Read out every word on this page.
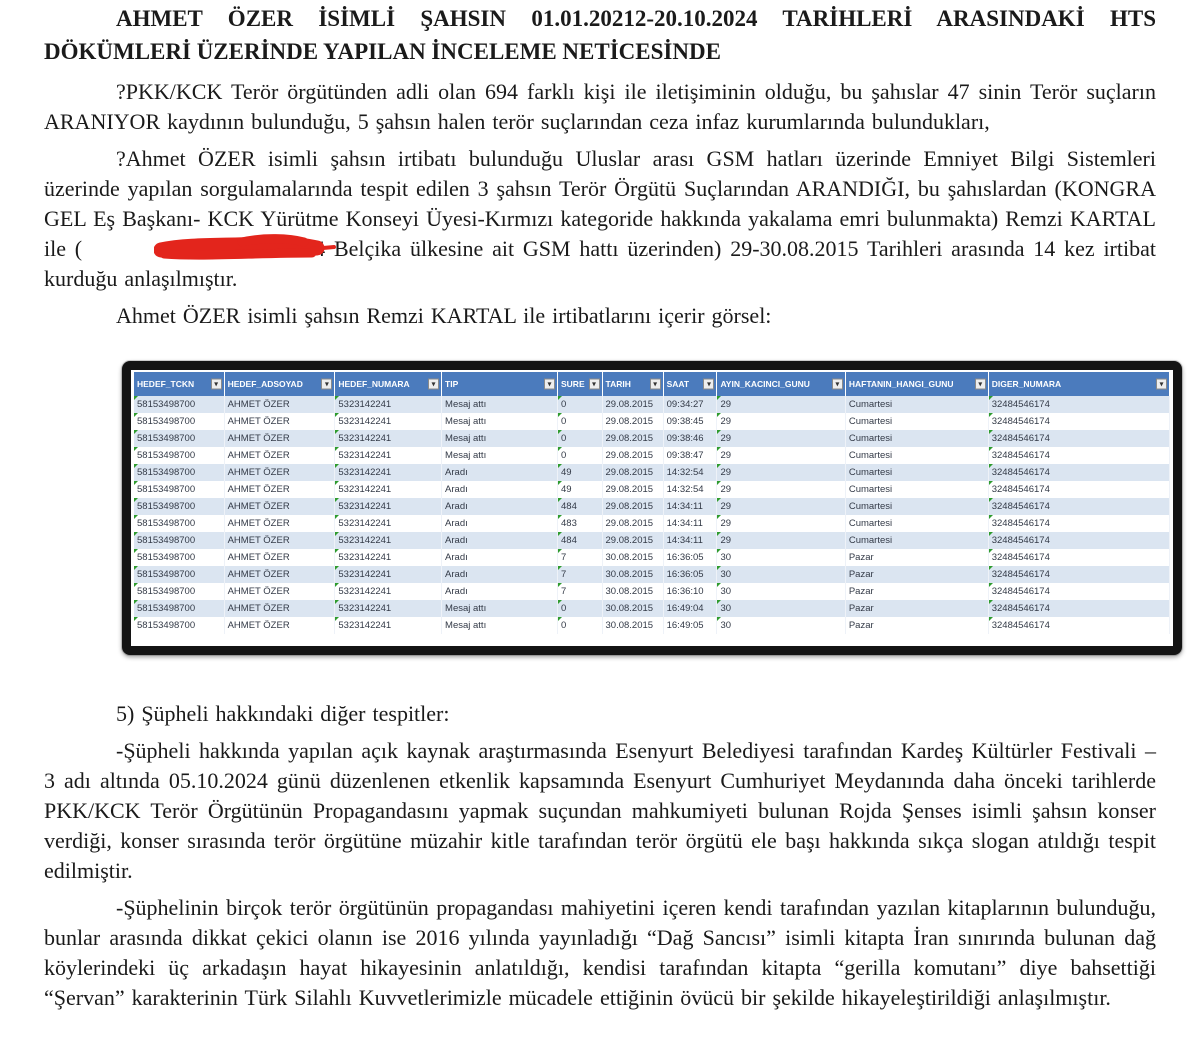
AHMET ÖZER İSİMLİ ŞAHSIN 01.01.20212-20.10.2024 TARİHLERİ ARASINDAKİ HTS
DÖKÜMLERİ ÜZERİNDE YAPILAN İNCELEME NETİCESİNDE

?PKK/KCK Terör örgütünden adli olan 694 farklı kişi ile iletişiminin olduğu, bu şahıslar 47 sinin Terör suçların ARANIYOR kaydının bulunduğu, 5 şahsın halen terör suçlarından ceza infaz kurumlarında bulundukları,

?Ahmet ÖZER isimli şahsın irtibatı bulunduğu Uluslar arası GSM hatları üzerinde Emniyet Bilgi Sistemleri üzerinde yapılan sorgulamalarında tespit edilen 3 şahsın Terör Örgütü Suçlarından ARANDIĞI, bu şahıslardan (KONGRA GEL Eş Başkanı- KCK Yürütme Konseyi Üyesi-Kırmızı kategoride hakkında yakalama emri bulunmakta) Remzi KARTAL ile (	4 Belçika ülkesine ait GSM hattı üzerinden) 29-30.08.2015 Tarihleri arasında 14 kez irtibat kurduğu anlaşılmıştır.

Ahmet ÖZER isimli şahsın Remzi KARTAL ile irtibatlarını içerir görsel:

HEDEF_TCKN ▾	HEDEF_ADSOYAD ▾	HEDEF_NUMARA ▾	TIP ▾	SURE ▾	TARIH ▾	SAAT ▾	AYIN_KACINCI_GUNU ▾	HAFTANIN_HANGI_GUNU ▾	DIGER_NUMARA ▾

58153498700	AHMET ÖZER	5323142241	Mesaj attı	0	29.08.2015	09:34:27	29	Cumartesi	32484546174
58153498700	AHMET ÖZER	5323142241	Mesaj attı	0	29.08.2015	09:38:45	29	Cumartesi	32484546174
58153498700	AHMET ÖZER	5323142241	Mesaj attı	0	29.08.2015	09:38:46	29	Cumartesi	32484546174
58153498700	AHMET ÖZER	5323142241	Mesaj attı	0	29.08.2015	09:38:47	29	Cumartesi	32484546174
58153498700	AHMET ÖZER	5323142241	Aradı	49	29.08.2015	14:32:54	29	Cumartesi	32484546174
58153498700	AHMET ÖZER	5323142241	Aradı	49	29.08.2015	14:32:54	29	Cumartesi	32484546174
58153498700	AHMET ÖZER	5323142241	Aradı	484	29.08.2015	14:34:11	29	Cumartesi	32484546174
58153498700	AHMET ÖZER	5323142241	Aradı	483	29.08.2015	14:34:11	29	Cumartesi	32484546174
58153498700	AHMET ÖZER	5323142241	Aradı	484	29.08.2015	14:34:11	29	Cumartesi	32484546174
58153498700	AHMET ÖZER	5323142241	Aradı	7	30.08.2015	16:36:05	30	Pazar	32484546174
58153498700	AHMET ÖZER	5323142241	Aradı	7	30.08.2015	16:36:05	30	Pazar	32484546174
58153498700	AHMET ÖZER	5323142241	Aradı	7	30.08.2015	16:36:10	30	Pazar	32484546174
58153498700	AHMET ÖZER	5323142241	Mesaj attı	0	30.08.2015	16:49:04	30	Pazar	32484546174
58153498700	AHMET ÖZER	5323142241	Mesaj attı	0	30.08.2015	16:49:05	30	Pazar	32484546174

5) Şüpheli hakkındaki diğer tespitler:

-Şüpheli hakkında yapılan açık kaynak araştırmasında Esenyurt Belediyesi tarafından Kardeş Kültürler Festivali – 3 adı altında 05.10.2024 günü düzenlenen etkenlik kapsamında Esenyurt Cumhuriyet Meydanında daha önceki tarihlerde PKK/KCK Terör Örgütünün Propagandasını yapmak suçundan mahkumiyeti bulunan Rojda Şenses isimli şahsın konser verdiği, konser sırasında terör örgütüne müzahir kitle tarafından terör örgütü ele başı hakkında sıkça slogan atıldığı tespit edilmiştir.

-Şüphelinin birçok terör örgütünün propagandası mahiyetini içeren kendi tarafından yazılan kitaplarının bulunduğu, bunlar arasında dikkat çekici olanın ise 2016 yılında yayınladığı “Dağ Sancısı” isimli kitapta İran sınırında bulunan dağ köylerindeki üç arkadaşın hayat hikayesinin anlatıldığı, kendisi tarafından kitapta “gerilla komutanı” diye bahsettiği “Şervan” karakterinin Türk Silahlı Kuvvetlerimizle mücadele ettiğinin övücü bir şekilde hikayeleştirildiği anlaşılmıştır.
